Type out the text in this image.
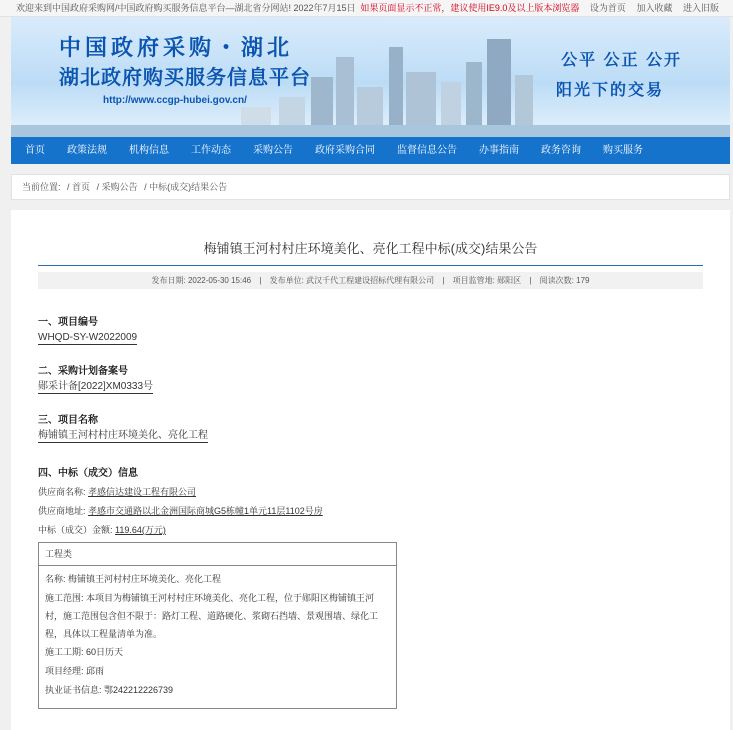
欢迎来到中国政府采购网/中国政府购买服务信息平台—湖北省分网站! 2022年7月15日 如果页面显示不正常，建议使用IE9.0及以上版本浏览器 设为首页 加入收藏 进入旧版
中国政府采购・湖北
湖北政府购买服务信息平台
http://www.ccgp-hubei.gov.cn/
公平 公正 公开
阳光下的交易
首页	政策法规	机构信息	工作动态	采购公告	政府采购合同	监督信息公告	办事指南	政务咨询	购买服务
当前位置: / 首页 / 采购公告 / 中标(成交)结果公告
梅铺镇王河村村庄环境美化、亮化工程中标(成交)结果公告
发布日期: 2022-05-30 15:46 | 发布单位: 武汉千代工程建设招标代理有限公司 | 项目监管地: 郧阳区 | 阅读次数: 179
一、项目编号
WHQD-SY-W2022009
二、采购计划备案号
郧采计备[2022]XM0333号
三、项目名称
梅铺镇王河村村庄环境美化、亮化工程
四、中标（成交）信息
供应商名称: 孝感信达建设工程有限公司
供应商地址: 孝感市交通路以北金洲国际商城G5栋幢1单元11层1102号房
中标（成交）金额: 119.64(万元)
工程类
名称: 梅铺镇王河村村庄环境美化、亮化工程
施工范围: 本项目为梅铺镇王河村村庄环境美化、亮化工程，位于郧阳区梅铺镇王河村，施工范围包含但不限于：路灯工程、道路硬化、浆砌石挡墙、景观围墙、绿化工程，具体以工程量清单为准。
施工工期: 60日历天
项目经理: 邱雨
执业证书信息: 鄂242212226739
